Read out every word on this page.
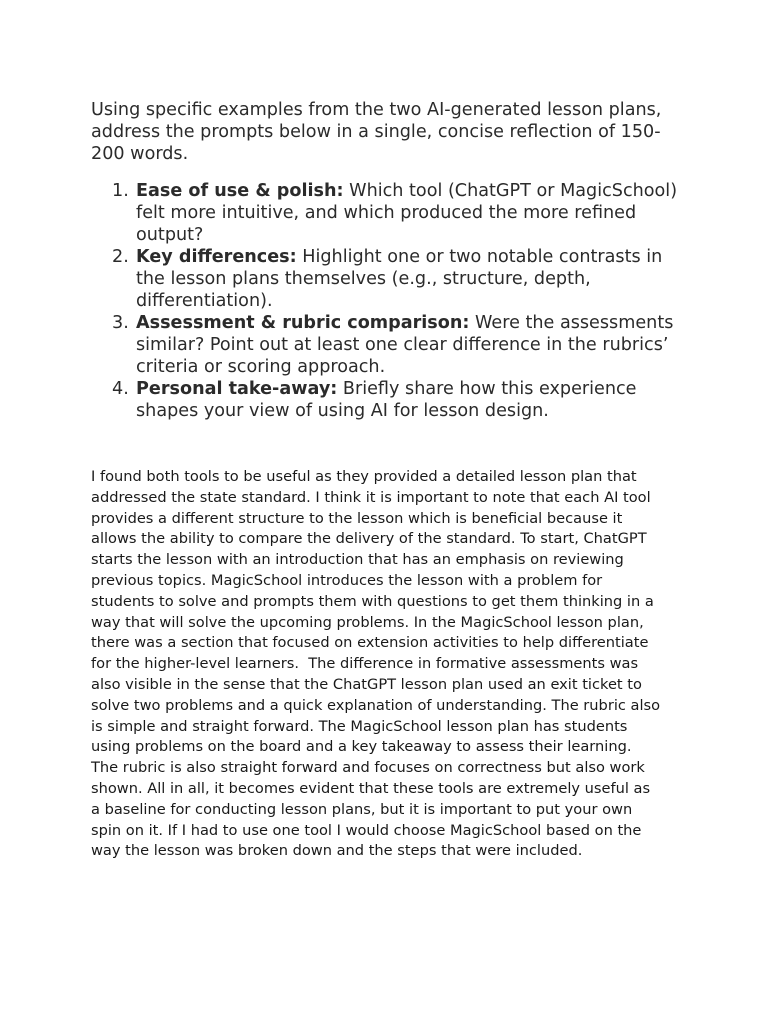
Using specific examples from the two AI-generated lesson plans, address the prompts below in a single, concise reflection of 150-200 words.

1. Ease of use & polish: Which tool (ChatGPT or MagicSchool) felt more intuitive, and which produced the more refined output?
2. Key differences: Highlight one or two notable contrasts in the lesson plans themselves (e.g., structure, depth, differentiation).
3. Assessment & rubric comparison: Were the assessments similar? Point out at least one clear difference in the rubrics’ criteria or scoring approach.
4. Personal take-away: Briefly share how this experience shapes your view of using AI for lesson design.
I found both tools to be useful as they provided a detailed lesson plan that
addressed the state standard. I think it is important to note that each AI tool
provides a different structure to the lesson which is beneficial because it
allows the ability to compare the delivery of the standard. To start, ChatGPT
starts the lesson with an introduction that has an emphasis on reviewing
previous topics. MagicSchool introduces the lesson with a problem for
students to solve and prompts them with questions to get them thinking in a
way that will solve the upcoming problems. In the MagicSchool lesson plan,
there was a section that focused on extension activities to help differentiate
for the higher-level learners.  The difference in formative assessments was
also visible in the sense that the ChatGPT lesson plan used an exit ticket to
solve two problems and a quick explanation of understanding. The rubric also
is simple and straight forward. The MagicSchool lesson plan has students
using problems on the board and a key takeaway to assess their learning.
The rubric is also straight forward and focuses on correctness but also work
shown. All in all, it becomes evident that these tools are extremely useful as
a baseline for conducting lesson plans, but it is important to put your own
spin on it. If I had to use one tool I would choose MagicSchool based on the
way the lesson was broken down and the steps that were included.
